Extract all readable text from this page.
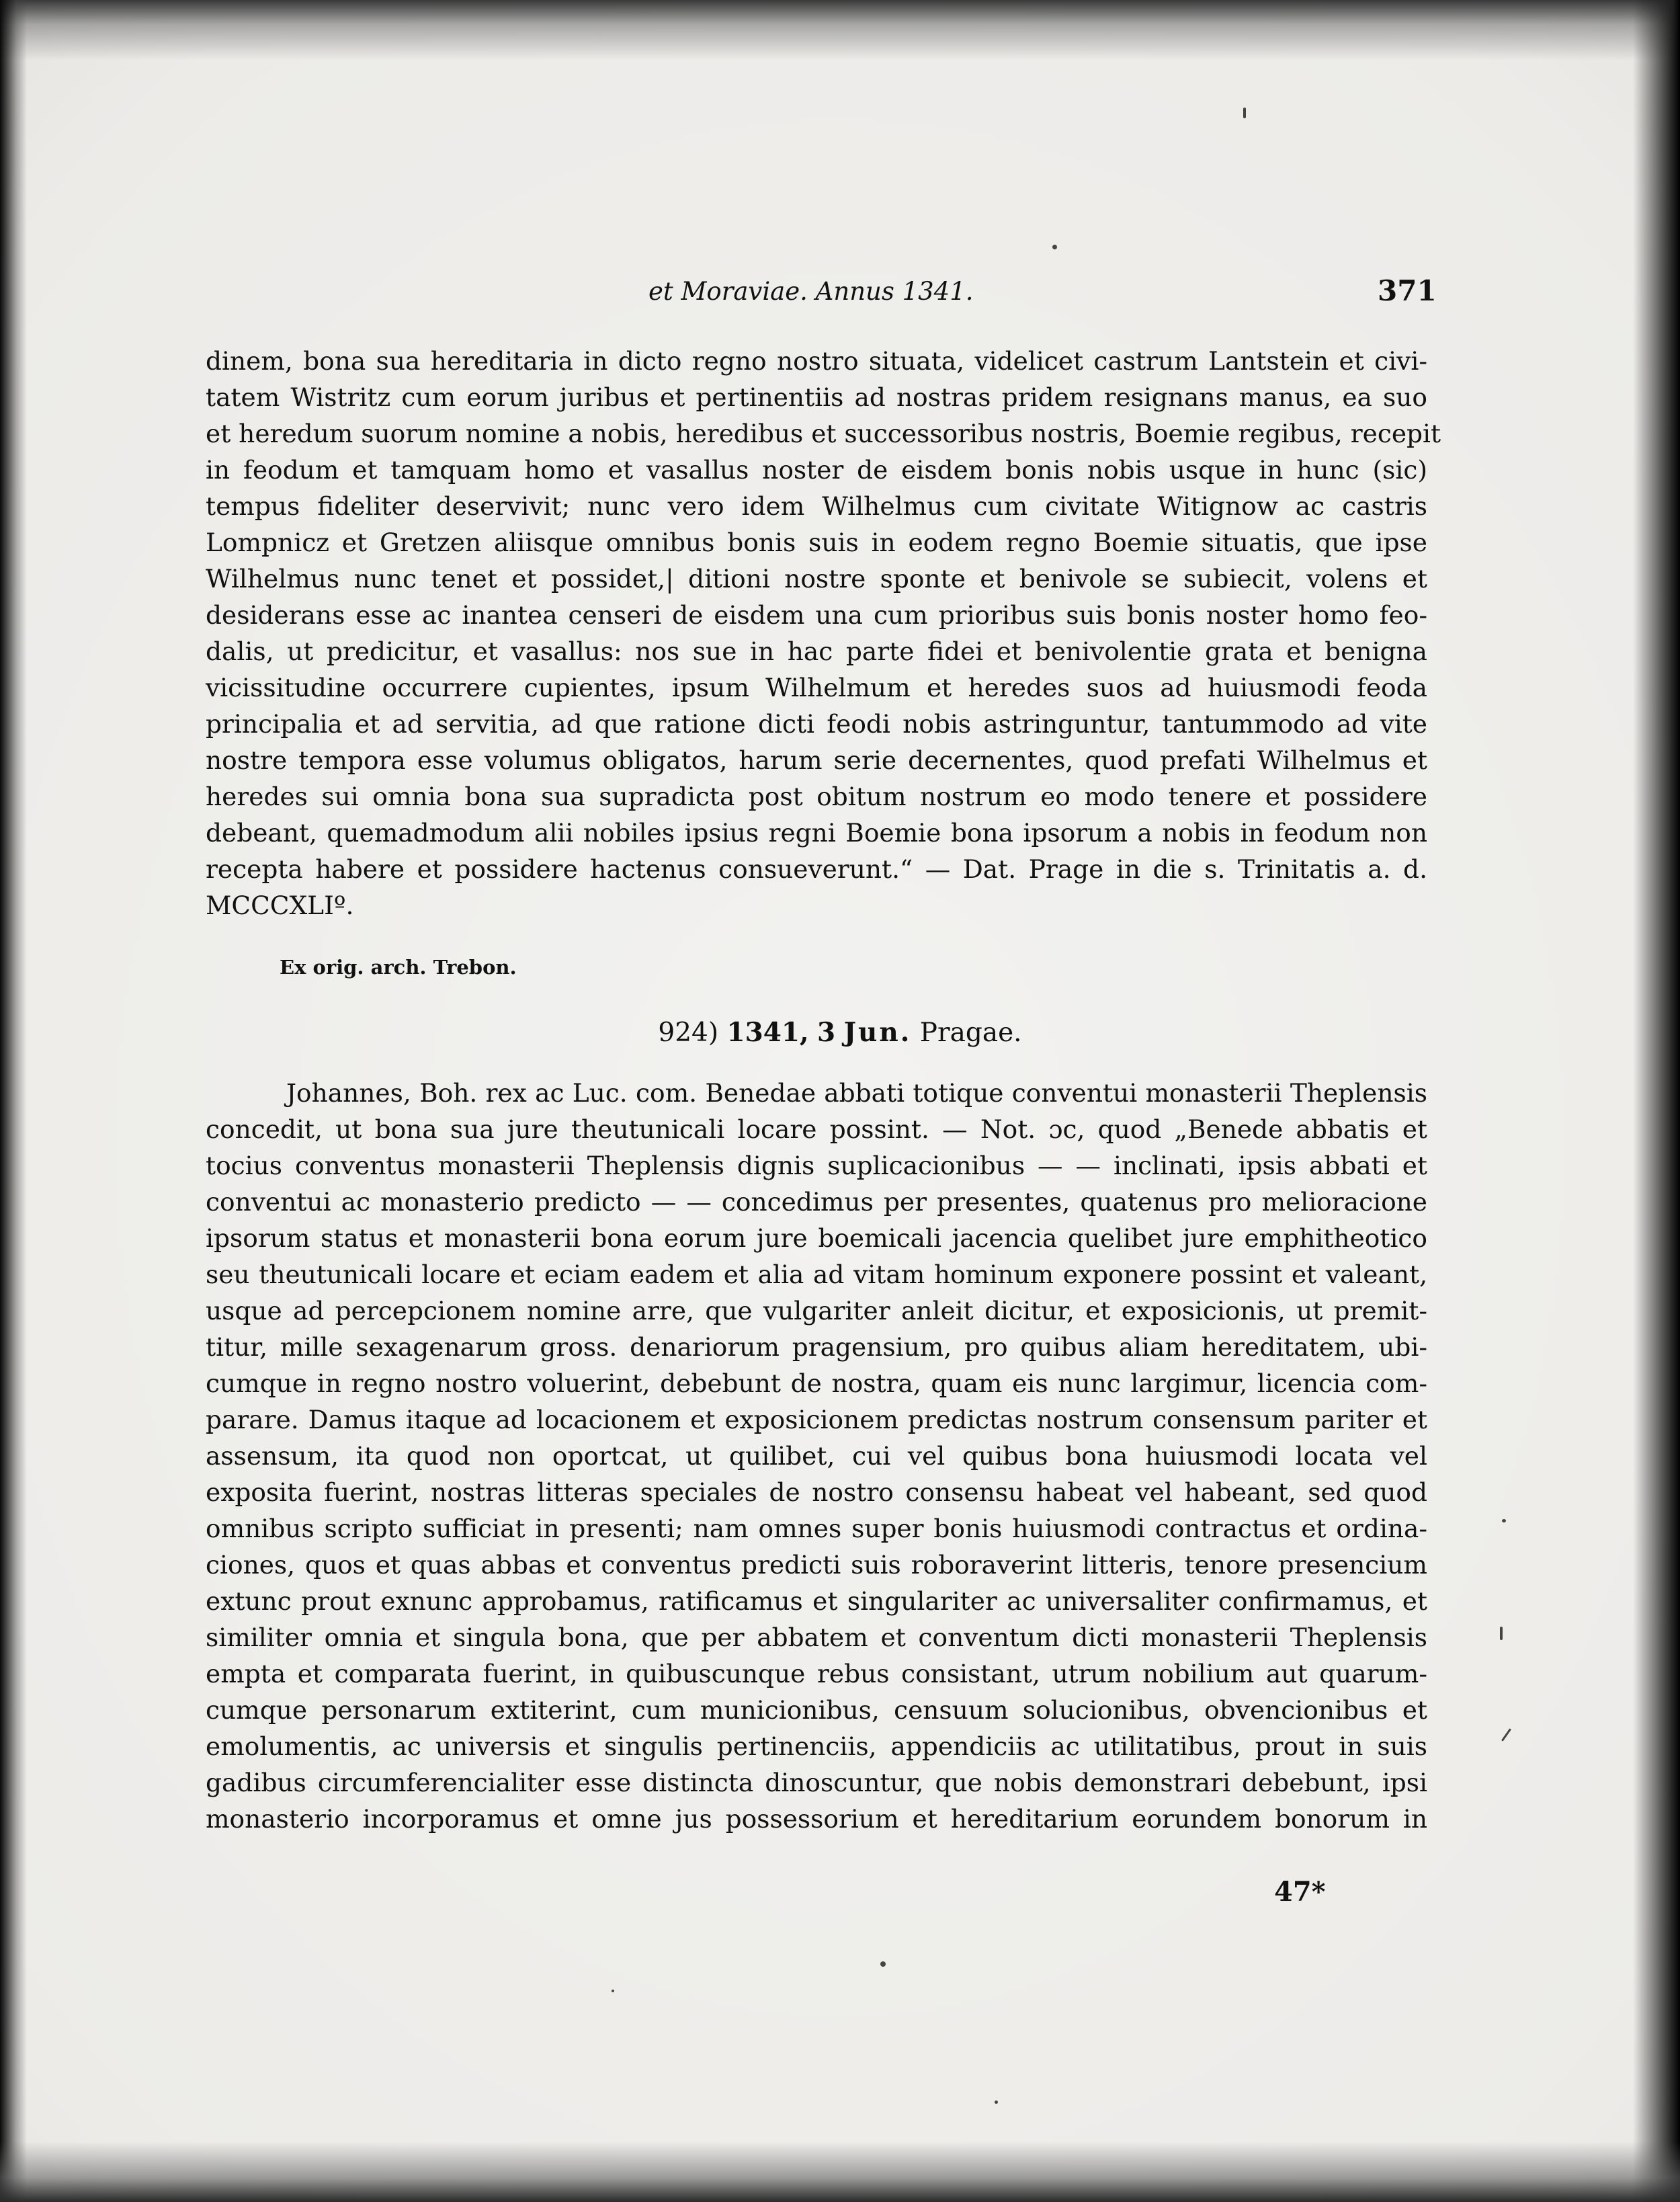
et Moraviae. Annus 1341.	371
dinem, bona sua hereditaria in dicto regno nostro situata, videlicet castrum Lantstein et civi-
tatem Wistritz cum eorum juribus et pertinentiis ad nostras pridem resignans manus, ea suo
et heredum suorum nomine a nobis, heredibus et successoribus nostris, Boemie regibus, recepit
in feodum et tamquam homo et vasallus noster de eisdem bonis nobis usque in hunc (sic)
tempus fideliter deservivit; nunc vero idem Wilhelmus cum civitate Witignow ac castris
Lompnicz et Gretzen aliisque omnibus bonis suis in eodem regno Boemie situatis, que ipse
Wilhelmus nunc tenet et possidet,| ditioni nostre sponte et benivole se subiecit, volens et
desiderans esse ac inantea censeri de eisdem una cum prioribus suis bonis noster homo feo-
dalis, ut predicitur, et vasallus: nos sue in hac parte fidei et benivolentie grata et benigna
vicissitudine occurrere cupientes, ipsum Wilhelmum et heredes suos ad huiusmodi feoda
principalia et ad servitia, ad que ratione dicti feodi nobis astringuntur, tantummodo ad vite
nostre tempora esse volumus obligatos, harum serie decernentes, quod prefati Wilhelmus et
heredes sui omnia bona sua supradicta post obitum nostrum eo modo tenere et possidere
debeant, quemadmodum alii nobiles ipsius regni Boemie bona ipsorum a nobis in feodum non
recepta habere et possidere hactenus consueverunt.“ — Dat. Prage in die s. Trinitatis a. d.
MCCCXLIº.
Ex orig. arch. Trebon.
924) 1341, 3 Jun. Pragae.
Johannes, Boh. rex ac Luc. com. Benedae abbati totique conventui monasterii Theplensis
concedit, ut bona sua jure theutunicali locare possint. — Not. ɔc, quod „Benede abbatis et
tocius conventus monasterii Theplensis dignis suplicacionibus — — inclinati, ipsis abbati et
conventui ac monasterio predicto — — concedimus per presentes, quatenus pro melioracione
ipsorum status et monasterii bona eorum jure boemicali jacencia quelibet jure emphitheotico
seu theutunicali locare et eciam eadem et alia ad vitam hominum exponere possint et valeant,
usque ad percepcionem nomine arre, que vulgariter anleit dicitur, et exposicionis, ut premit-
titur, mille sexagenarum gross. denariorum pragensium, pro quibus aliam hereditatem, ubi-
cumque in regno nostro voluerint, debebunt de nostra, quam eis nunc largimur, licencia com-
parare. Damus itaque ad locacionem et exposicionem predictas nostrum consensum pariter et
assensum, ita quod non oportcat, ut quilibet, cui vel quibus bona huiusmodi locata vel
exposita fuerint, nostras litteras speciales de nostro consensu habeat vel habeant, sed quod
omnibus scripto sufficiat in presenti; nam omnes super bonis huiusmodi contractus et ordina-
ciones, quos et quas abbas et conventus predicti suis roboraverint litteris, tenore presencium
extunc prout exnunc approbamus, ratificamus et singulariter ac universaliter confirmamus, et
similiter omnia et singula bona, que per abbatem et conventum dicti monasterii Theplensis
empta et comparata fuerint, in quibuscunque rebus consistant, utrum nobilium aut quarum-
cumque personarum extiterint, cum municionibus, censuum solucionibus, obvencionibus et
emolumentis, ac universis et singulis pertinenciis, appendiciis ac utilitatibus, prout in suis
gadibus circumferencialiter esse distincta dinoscuntur, que nobis demonstrari debebunt, ipsi
monasterio incorporamus et omne jus possessorium et hereditarium eorundem bonorum in
47*
